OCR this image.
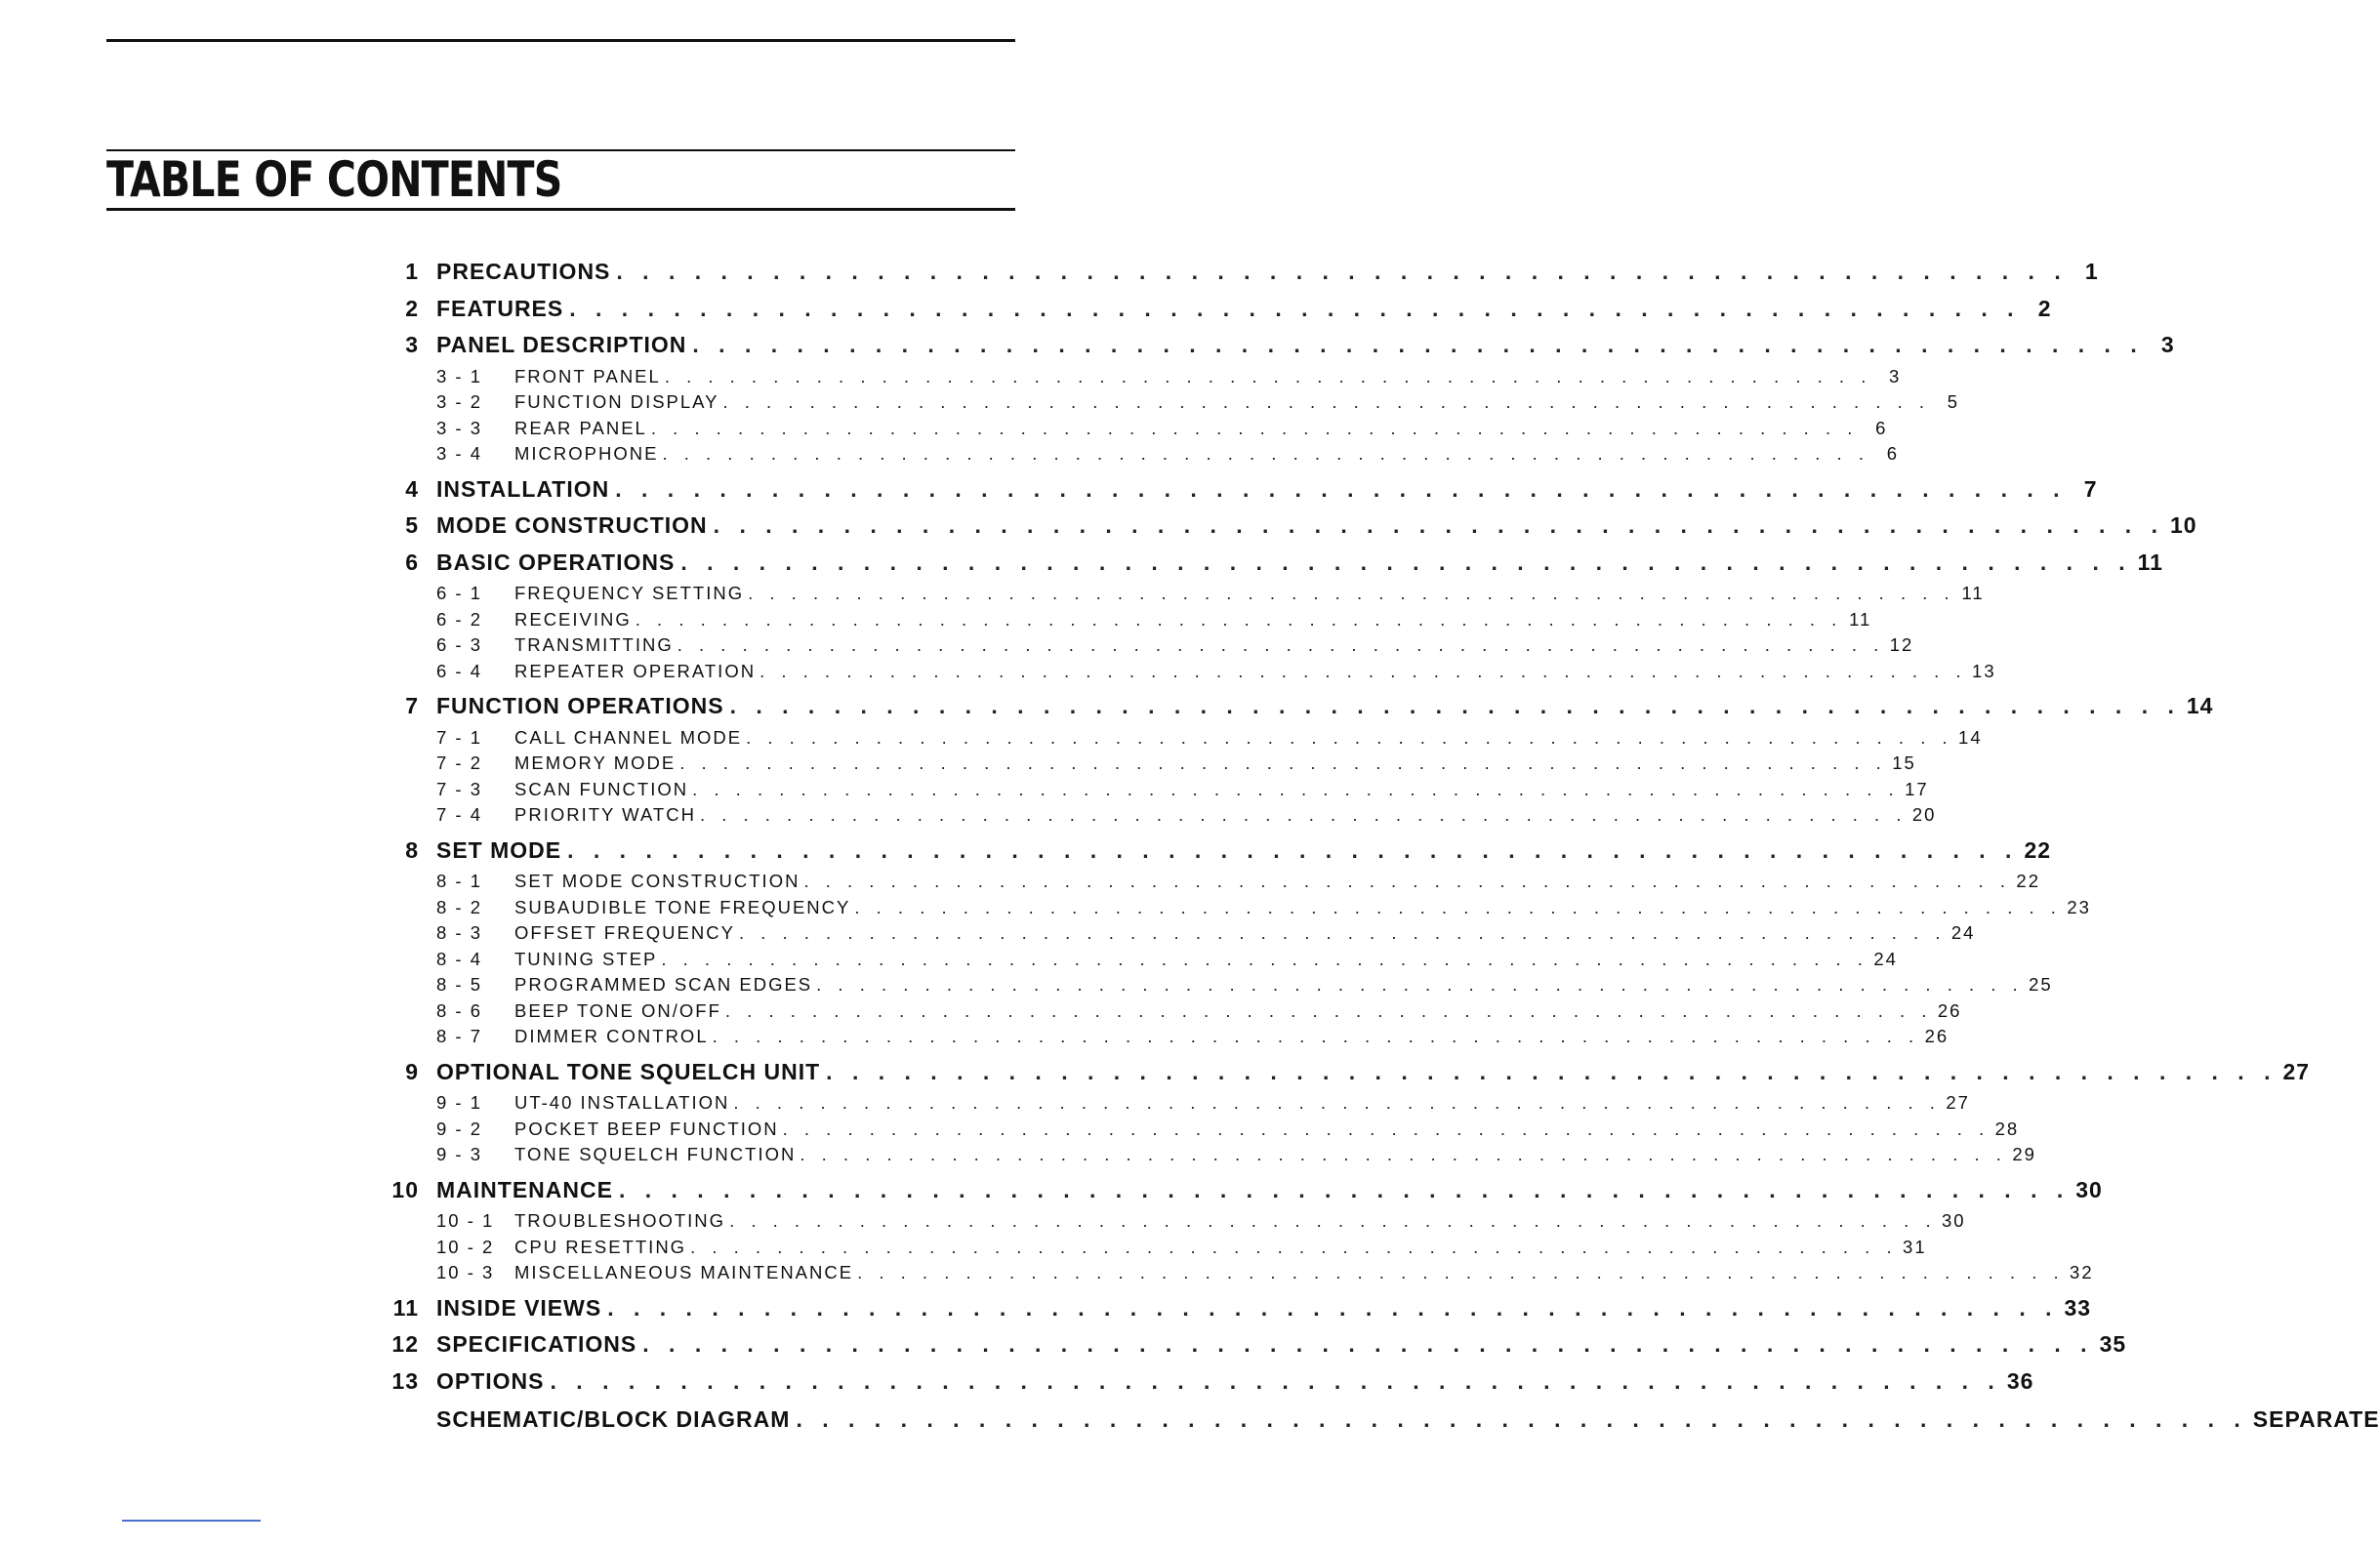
TABLE OF CONTENTS
1 PRECAUTIONS . . . . . . . . . . . . . . . . . . . . . . . . . . . . . . . . . . . . . . . . . . . . . . . . . . . . . . . . 1
2 FEATURES . . . . . . . . . . . . . . . . . . . . . . . . . . . . . . . . . . . . . . . . . . . . . . . . . . . . . . . . 2
3 PANEL DESCRIPTION . . . . . . . . . . . . . . . . . . . . . . . . . . . . . . . . . . . . . . . . . . . . . . . . . . . . . . . . 3
3 - 1	FRONT PANEL . . . . . . . . . . . . . . . . . . . . . . . . . . . . . . . . . . . . . . . . . . . . . . . . . . . . . . . . 3
3 - 2	FUNCTION DISPLAY . . . . . . . . . . . . . . . . . . . . . . . . . . . . . . . . . . . . . . . . . . . . . . . . . . . . . . . . 5
3 - 3	REAR PANEL . . . . . . . . . . . . . . . . . . . . . . . . . . . . . . . . . . . . . . . . . . . . . . . . . . . . . . . . 6
3 - 4	MICROPHONE . . . . . . . . . . . . . . . . . . . . . . . . . . . . . . . . . . . . . . . . . . . . . . . . . . . . . . . . 6
4 INSTALLATION . . . . . . . . . . . . . . . . . . . . . . . . . . . . . . . . . . . . . . . . . . . . . . . . . . . . . . . . 7
5 MODE CONSTRUCTION . . . . . . . . . . . . . . . . . . . . . . . . . . . . . . . . . . . . . . . . . . . . . . . . . . . . . . . . 10
6 BASIC OPERATIONS . . . . . . . . . . . . . . . . . . . . . . . . . . . . . . . . . . . . . . . . . . . . . . . . . . . . . . . . 11
6 - 1	FREQUENCY SETTING . . . . . . . . . . . . . . . . . . . . . . . . . . . . . . . . . . . . . . . . . . . . . . . . . . . . . . . . 11
6 - 2	RECEIVING . . . . . . . . . . . . . . . . . . . . . . . . . . . . . . . . . . . . . . . . . . . . . . . . . . . . . . . . 11
6 - 3	TRANSMITTING . . . . . . . . . . . . . . . . . . . . . . . . . . . . . . . . . . . . . . . . . . . . . . . . . . . . . . . . 12
6 - 4	REPEATER OPERATION . . . . . . . . . . . . . . . . . . . . . . . . . . . . . . . . . . . . . . . . . . . . . . . . . . . . . . . . 13
7 FUNCTION OPERATIONS . . . . . . . . . . . . . . . . . . . . . . . . . . . . . . . . . . . . . . . . . . . . . . . . . . . . . . . . 14
7 - 1	CALL CHANNEL MODE . . . . . . . . . . . . . . . . . . . . . . . . . . . . . . . . . . . . . . . . . . . . . . . . . . . . . . . . 14
7 - 2	MEMORY MODE . . . . . . . . . . . . . . . . . . . . . . . . . . . . . . . . . . . . . . . . . . . . . . . . . . . . . . . . 15
7 - 3	SCAN FUNCTION . . . . . . . . . . . . . . . . . . . . . . . . . . . . . . . . . . . . . . . . . . . . . . . . . . . . . . . . 17
7 - 4	PRIORITY WATCH . . . . . . . . . . . . . . . . . . . . . . . . . . . . . . . . . . . . . . . . . . . . . . . . . . . . . . . . 20
8 SET MODE . . . . . . . . . . . . . . . . . . . . . . . . . . . . . . . . . . . . . . . . . . . . . . . . . . . . . . . . 22
8 - 1	SET MODE CONSTRUCTION . . . . . . . . . . . . . . . . . . . . . . . . . . . . . . . . . . . . . . . . . . . . . . . . . . . . . . . . 22
8 - 2	SUBAUDIBLE TONE FREQUENCY . . . . . . . . . . . . . . . . . . . . . . . . . . . . . . . . . . . . . . . . . . . . . . . . . . . . . . . . 23
8 - 3	OFFSET FREQUENCY . . . . . . . . . . . . . . . . . . . . . . . . . . . . . . . . . . . . . . . . . . . . . . . . . . . . . . . . 24
8 - 4	TUNING STEP . . . . . . . . . . . . . . . . . . . . . . . . . . . . . . . . . . . . . . . . . . . . . . . . . . . . . . . . 24
8 - 5	PROGRAMMED SCAN EDGES . . . . . . . . . . . . . . . . . . . . . . . . . . . . . . . . . . . . . . . . . . . . . . . . . . . . . . . . 25
8 - 6	BEEP TONE ON/OFF . . . . . . . . . . . . . . . . . . . . . . . . . . . . . . . . . . . . . . . . . . . . . . . . . . . . . . . . 26
8 - 7	DIMMER CONTROL . . . . . . . . . . . . . . . . . . . . . . . . . . . . . . . . . . . . . . . . . . . . . . . . . . . . . . . . 26
9 OPTIONAL TONE SQUELCH UNIT . . . . . . . . . . . . . . . . . . . . . . . . . . . . . . . . . . . . . . . . . . . . . . . . . . . . . . . . 27
9 - 1	UT-40 INSTALLATION . . . . . . . . . . . . . . . . . . . . . . . . . . . . . . . . . . . . . . . . . . . . . . . . . . . . . . . . 27
9 - 2	POCKET BEEP FUNCTION . . . . . . . . . . . . . . . . . . . . . . . . . . . . . . . . . . . . . . . . . . . . . . . . . . . . . . . . 28
9 - 3	TONE SQUELCH FUNCTION . . . . . . . . . . . . . . . . . . . . . . . . . . . . . . . . . . . . . . . . . . . . . . . . . . . . . . . . 29
10 MAINTENANCE . . . . . . . . . . . . . . . . . . . . . . . . . . . . . . . . . . . . . . . . . . . . . . . . . . . . . . . . 30
10 - 1	TROUBLESHOOTING . . . . . . . . . . . . . . . . . . . . . . . . . . . . . . . . . . . . . . . . . . . . . . . . . . . . . . . . 30
10 - 2	CPU RESETTING . . . . . . . . . . . . . . . . . . . . . . . . . . . . . . . . . . . . . . . . . . . . . . . . . . . . . . . . 31
10 - 3	MISCELLANEOUS MAINTENANCE . . . . . . . . . . . . . . . . . . . . . . . . . . . . . . . . . . . . . . . . . . . . . . . . . . . . . . . . 32
11 INSIDE VIEWS . . . . . . . . . . . . . . . . . . . . . . . . . . . . . . . . . . . . . . . . . . . . . . . . . . . . . . . . 33
12 SPECIFICATIONS . . . . . . . . . . . . . . . . . . . . . . . . . . . . . . . . . . . . . . . . . . . . . . . . . . . . . . . . 35
13 OPTIONS . . . . . . . . . . . . . . . . . . . . . . . . . . . . . . . . . . . . . . . . . . . . . . . . . . . . . . . . 36
SCHEMATIC/BLOCK DIAGRAM . . . . . . . . . . . . . . . . . . . . . . . . . . . . . . . . . . . . . . . . . . . . . . . . . . . . . . . . SEPARATE
